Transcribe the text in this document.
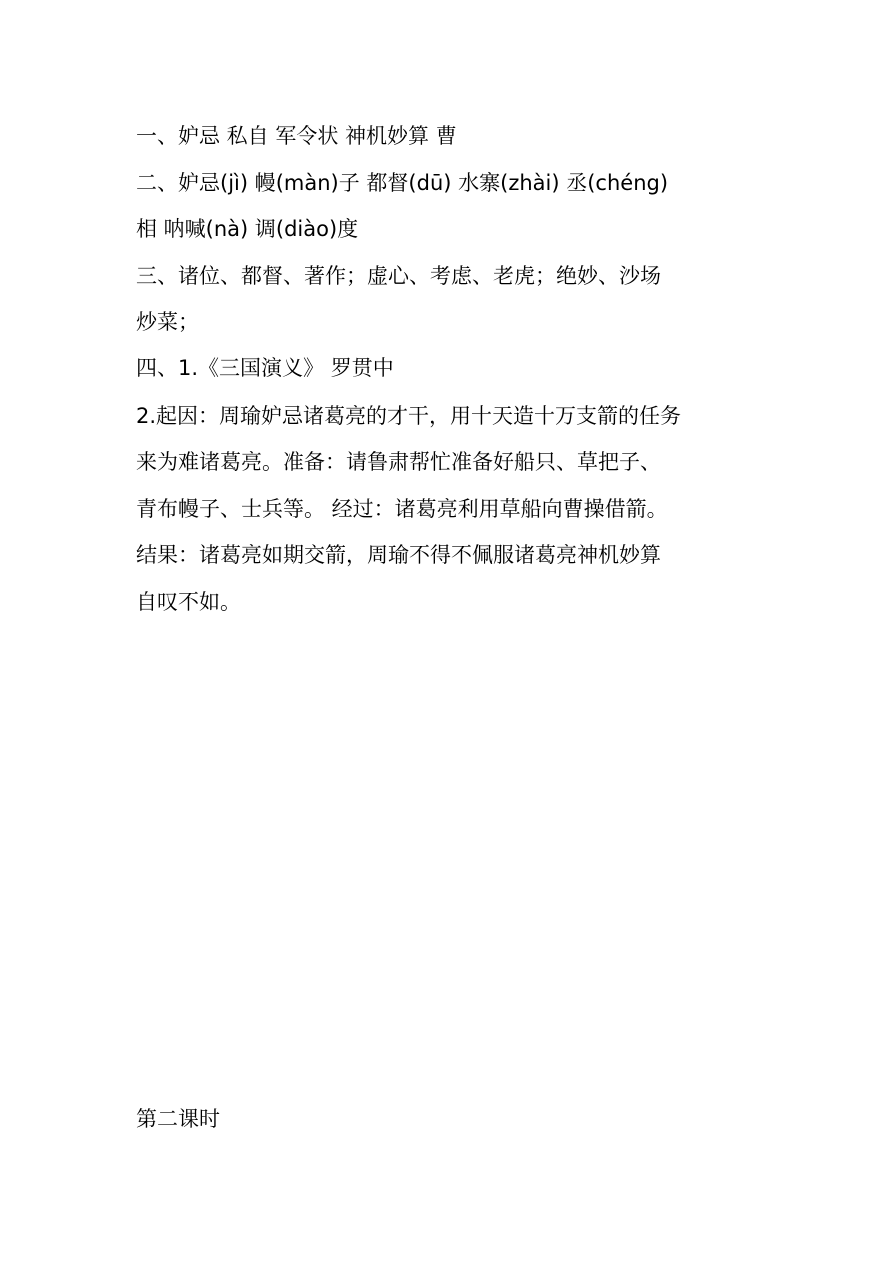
一、妒忌 私自 军令状 神机妙算 曹
二、妒忌(jì) 幔(màn)子 都督(dū) 水寨(zhài) 丞(chéng)
相 呐喊(nà) 调(diào)度
三、诸位、都督、著作；虚心、考虑、老虎；绝妙、沙场
炒菜；
四、1.《三国演义》 罗贯中
2.起因：周瑜妒忌诸葛亮的才干，用十天造十万支箭的任务
来为难诸葛亮。准备：请鲁肃帮忙准备好船只、草把子、
青布幔子、士兵等。 经过：诸葛亮利用草船向曹操借箭。
结果：诸葛亮如期交箭，周瑜不得不佩服诸葛亮神机妙算
自叹不如。
第二课时
